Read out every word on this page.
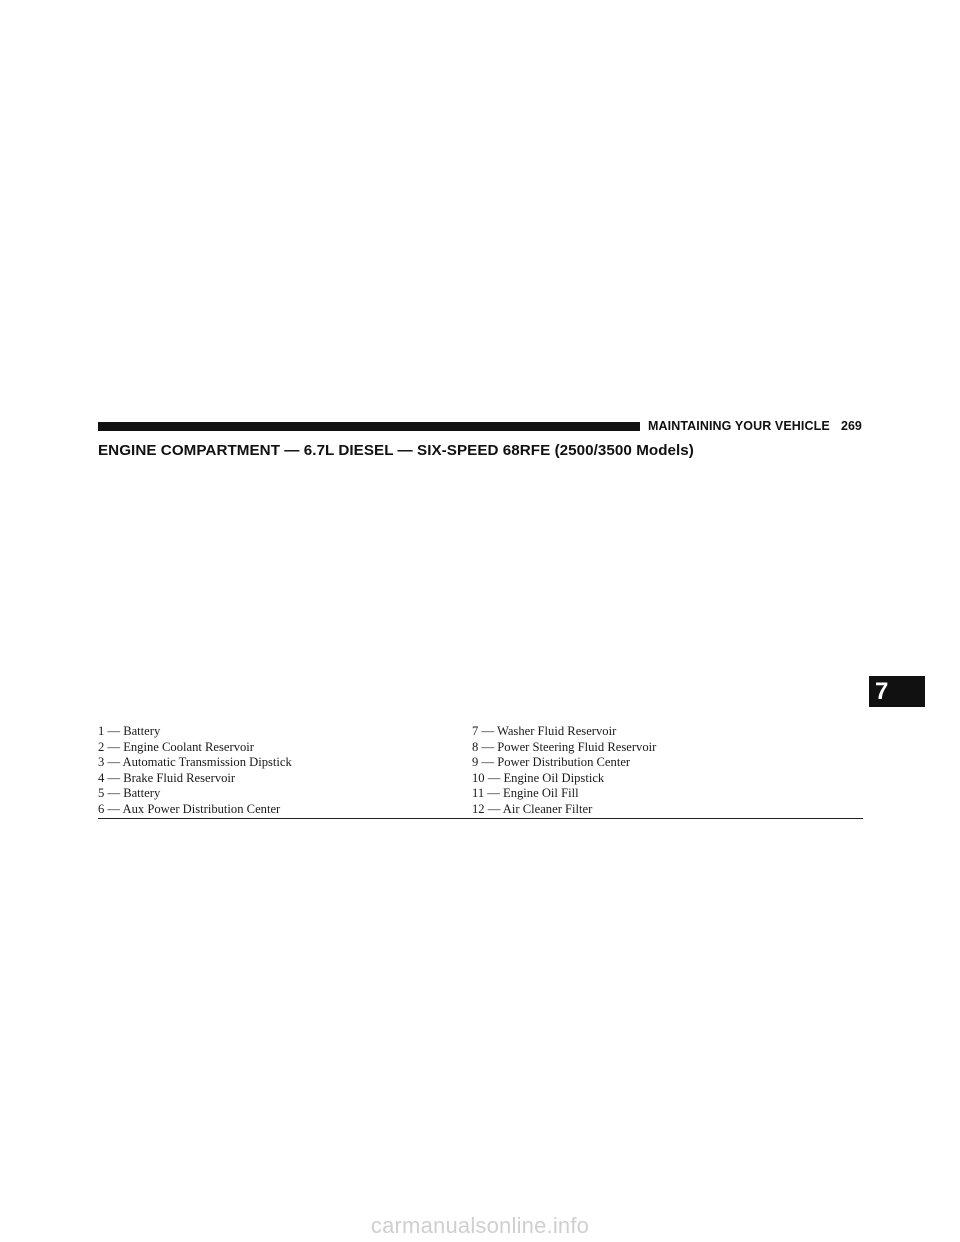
MAINTAINING YOUR VEHICLE 269
ENGINE COMPARTMENT — 6.7L DIESEL — SIX-SPEED 68RFE (2500/3500 Models)
1 — Battery
2 — Engine Coolant Reservoir
3 — Automatic Transmission Dipstick
4 — Brake Fluid Reservoir
5 — Battery
6 — Aux Power Distribution Center
7 — Washer Fluid Reservoir
8 — Power Steering Fluid Reservoir
9 — Power Distribution Center
10 — Engine Oil Dipstick
11 — Engine Oil Fill
12 — Air Cleaner Filter
7
carmanualsonline.info
